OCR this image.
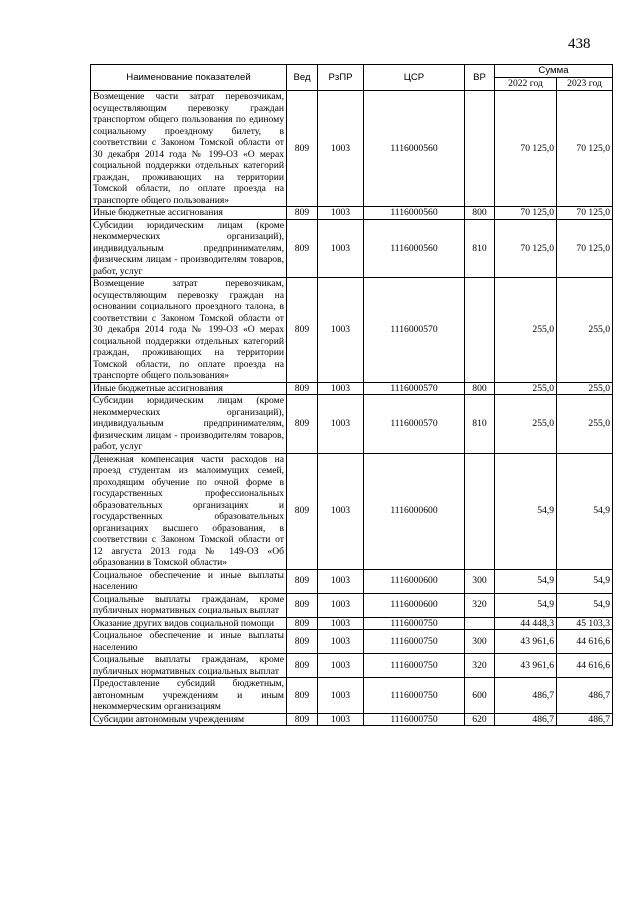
438
Наименование показателей	Вед	РзПР	ЦСР	ВР	Сумма	
					2022 год	2023 год
Возмещение части затрат перевозчикам, осуществляющим перевозку граждан транспортом общего пользования по единому социальному проездному билету, в соответствии с Законом Томской области от 30 декабря 2014 года № 199-ОЗ «О мерах социальной поддержки отдельных категорий граждан, проживающих на территории Томской области, по оплате проезда на транспорте общего пользования»	809	1003	1116000560		70 125,0	70 125,0
Иные бюджетные ассигнования	809	1003	1116000560	800	70 125,0	70 125,0
Субсидии юридическим лицам (кроме некоммерческих организаций), индивидуальным предпринимателям, физическим лицам - производителям товаров, работ, услуг	809	1003	1116000560	810	70 125,0	70 125,0
Возмещение затрат перевозчикам, осуществляющим перевозку граждан на основании социального проездного талона, в соответствии с Законом Томской области от 30 декабря 2014 года № 199-ОЗ «О мерах социальной поддержки отдельных категорий граждан, проживающих на территории Томской области, по оплате проезда на транспорте общего пользования»	809	1003	1116000570		255,0	255,0
Иные бюджетные ассигнования	809	1003	1116000570	800	255,0	255,0
Субсидии юридическим лицам (кроме некоммерческих организаций), индивидуальным предпринимателям, физическим лицам - производителям товаров, работ, услуг	809	1003	1116000570	810	255,0	255,0
Денежная компенсация части расходов на проезд студентам из малоимущих семей, проходящим обучение по очной форме в государственных профессиональных образовательных организациях и государственных образовательных организациях высшего образования, в соответствии с Законом Томской области от 12 августа 2013 года № 149-ОЗ «Об образовании в Томской области»	809	1003	1116000600		54,9	54,9
Социальное обеспечение и иные выплаты населению	809	1003	1116000600	300	54,9	54,9
Социальные выплаты гражданам, кроме публичных нормативных социальных выплат	809	1003	1116000600	320	54,9	54,9
Оказание других видов социальной помощи	809	1003	1116000750		44 448,3	45 103,3
Социальное обеспечение и иные выплаты населению	809	1003	1116000750	300	43 961,6	44 616,6
Социальные выплаты гражданам, кроме публичных нормативных социальных выплат	809	1003	1116000750	320	43 961,6	44 616,6
Предоставление субсидий бюджетным, автономным учреждениям и иным некоммерческим организациям	809	1003	1116000750	600	486,7	486,7
Субсидии автономным учреждениям	809	1003	1116000750	620	486,7	486,7
